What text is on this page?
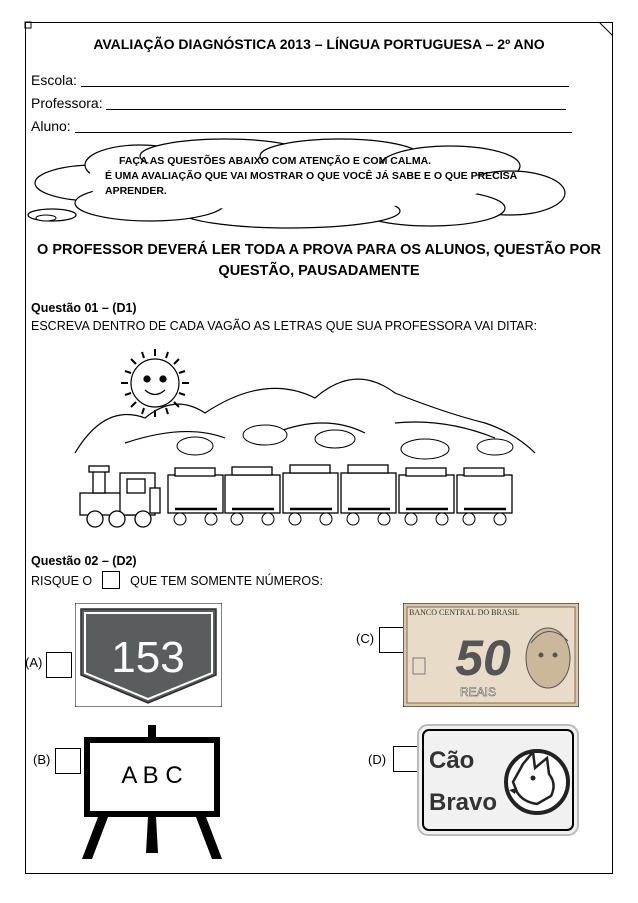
AVALIAÇÃO DIAGNÓSTICA 2013 – LÍNGUA PORTUGUESA – 2º ANO
Escola:
Professora:
Aluno:
FAÇA AS QUESTÕES ABAIXO COM ATENÇÃO E COM CALMA.
É UMA AVALIAÇÃO QUE VAI MOSTRAR O QUE VOCÊ JÁ SABE E O QUE PRECISA APRENDER.
O PROFESSOR DEVERÁ LER TODA A PROVA PARA OS ALUNOS, QUESTÃO POR
QUESTÃO, PAUSADAMENTE
Questão 01 – (D1)
ESCREVA DENTRO DE CADA VAGÃO AS LETRAS QUE SUA PROFESSORA VAI DITAR:
Questão 02 – (D2)
RISQUE O	QUE TEM SOMENTE NÚMEROS:
(A) 153	(C)
BANCO CENTRAL DO BRASIL
50
REAIS
(B)
A B C
(D) Cão
Bravo
